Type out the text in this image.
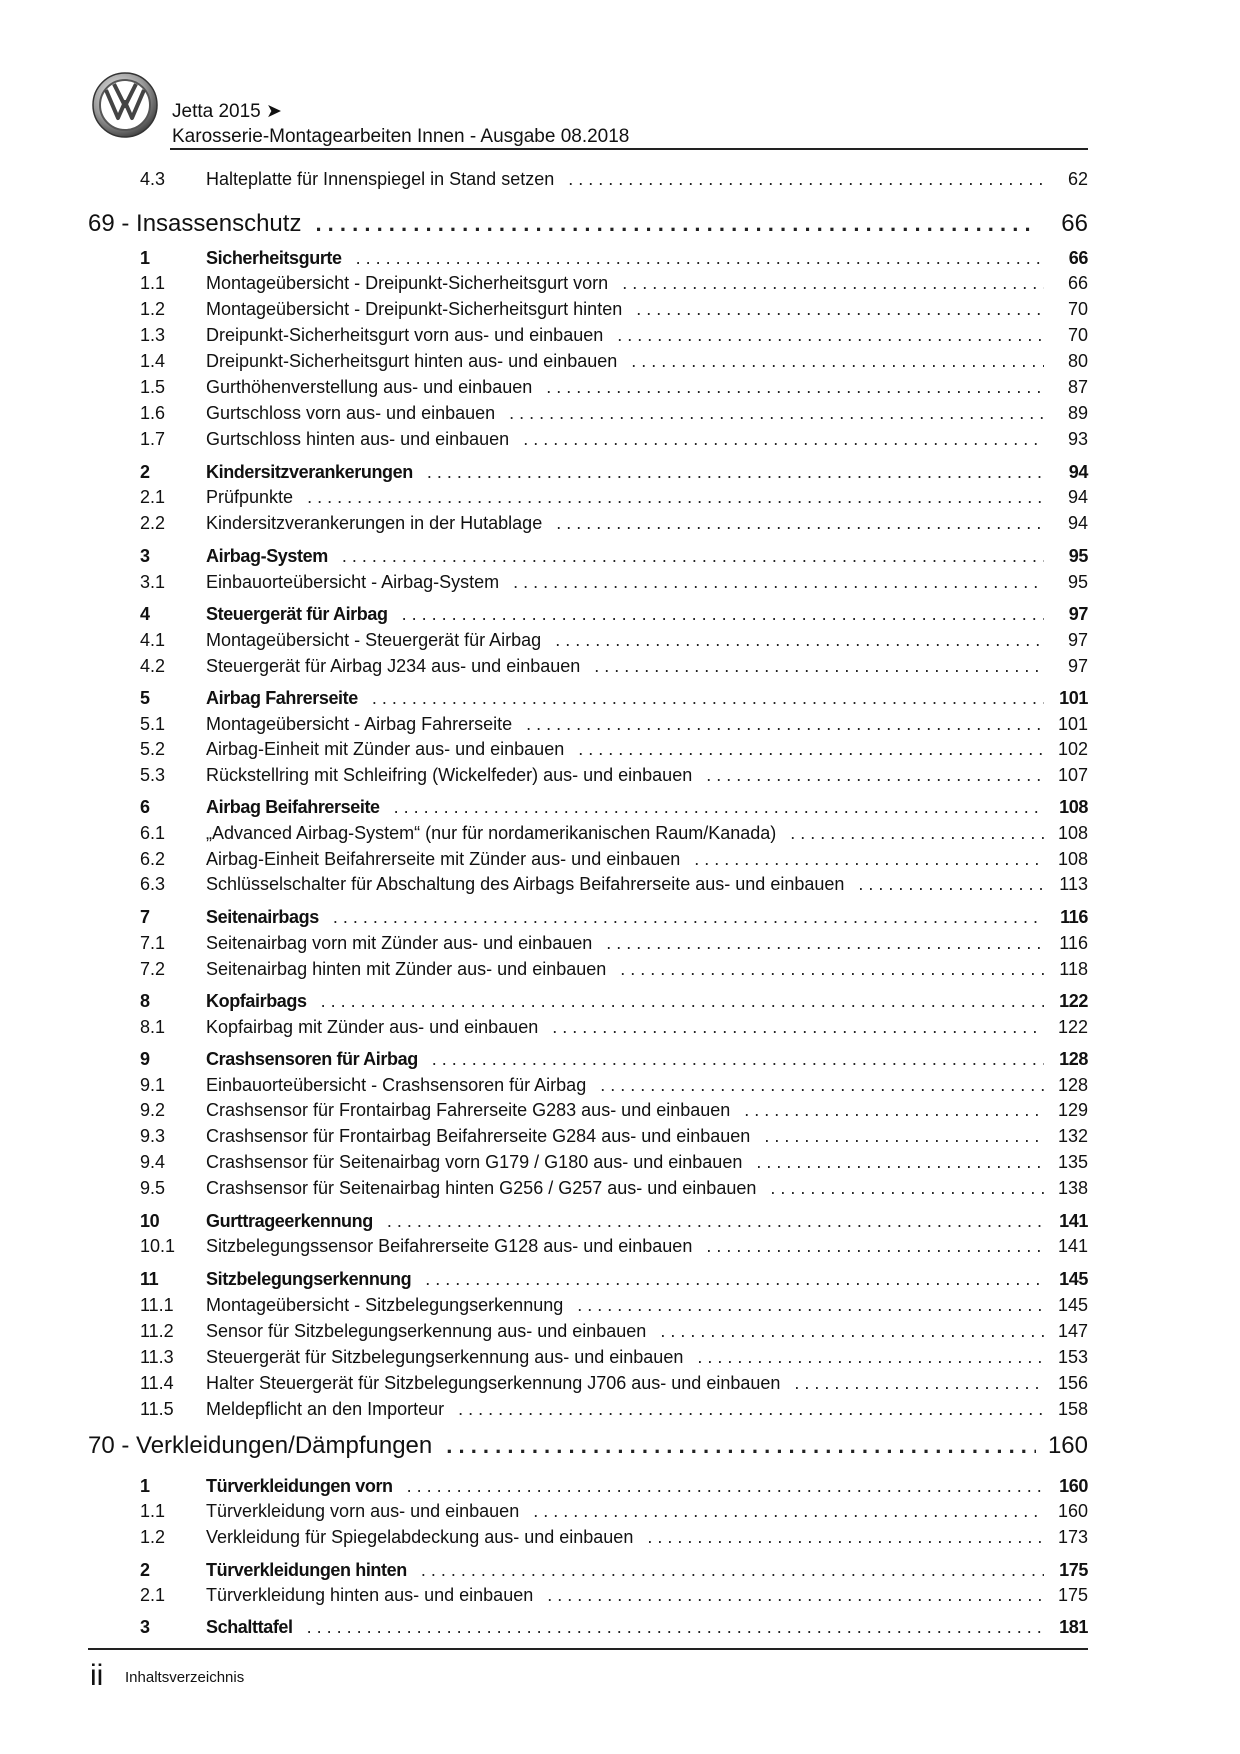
Jetta 2015 ➤
Karosserie-Montagearbeiten Innen - Ausgabe 08.2018
4.3	Halteplatte für Innenspiegel in Stand setzen . . .	62
69 - Insassenschutz . . .	66
1	Sicherheitsgurte . . .	66
1.1	Montageübersicht - Dreipunkt-Sicherheitsgurt vorn . . .	66
1.2	Montageübersicht - Dreipunkt-Sicherheitsgurt hinten . . .	70
1.3	Dreipunkt-Sicherheitsgurt vorn aus- und einbauen . . .	70
1.4	Dreipunkt-Sicherheitsgurt hinten aus- und einbauen . . .	80
1.5	Gurthöhenverstellung aus- und einbauen . . .	87
1.6	Gurtschloss vorn aus- und einbauen . . .	89
1.7	Gurtschloss hinten aus- und einbauen . . .	93
2	Kindersitzverankerungen . . .	94
2.1	Prüfpunkte . . .	94
2.2	Kindersitzverankerungen in der Hutablage . . .	94
3	Airbag-System . . .	95
3.1	Einbauorteübersicht - Airbag-System . . .	95
4	Steuergerät für Airbag . . .	97
4.1	Montageübersicht - Steuergerät für Airbag . . .	97
4.2	Steuergerät für Airbag J234 aus- und einbauen . . .	97
5	Airbag Fahrerseite . . .	101
5.1	Montageübersicht - Airbag Fahrerseite . . .	101
5.2	Airbag-Einheit mit Zünder aus- und einbauen . . .	102
5.3	Rückstellring mit Schleifring (Wickelfeder) aus- und einbauen . . .	107
6	Airbag Beifahrerseite . . .	108
6.1	„Advanced Airbag-System“ (nur für nordamerikanischen Raum/Kanada) . . .	108
6.2	Airbag-Einheit Beifahrerseite mit Zünder aus- und einbauen . . .	108
6.3	Schlüsselschalter für Abschaltung des Airbags Beifahrerseite aus- und einbauen . . .	113
7	Seitenairbags . . .	116
7.1	Seitenairbag vorn mit Zünder aus- und einbauen . . .	116
7.2	Seitenairbag hinten mit Zünder aus- und einbauen . . .	118
8	Kopfairbags . . .	122
8.1	Kopfairbag mit Zünder aus- und einbauen . . .	122
9	Crashsensoren für Airbag . . .	128
9.1	Einbauorteübersicht - Crashsensoren für Airbag . . .	128
9.2	Crashsensor für Frontairbag Fahrerseite G283 aus- und einbauen . . .	129
9.3	Crashsensor für Frontairbag Beifahrerseite G284 aus- und einbauen . . .	132
9.4	Crashsensor für Seitenairbag vorn G179 / G180 aus- und einbauen . . .	135
9.5	Crashsensor für Seitenairbag hinten G256 / G257 aus- und einbauen . . .	138
10	Gurttrageerkennung . . .	141
10.1	Sitzbelegungssensor Beifahrerseite G128 aus- und einbauen . . .	141
11	Sitzbelegungserkennung . . .	145
11.1	Montageübersicht - Sitzbelegungserkennung . . .	145
11.2	Sensor für Sitzbelegungserkennung aus- und einbauen . . .	147
11.3	Steuergerät für Sitzbelegungserkennung aus- und einbauen . . .	153
11.4	Halter Steuergerät für Sitzbelegungserkennung J706 aus- und einbauen . . .	156
11.5	Meldepflicht an den Importeur . . .	158
70 - Verkleidungen/Dämpfungen . . .	160
1	Türverkleidungen vorn . . .	160
1.1	Türverkleidung vorn aus- und einbauen . . .	160
1.2	Verkleidung für Spiegelabdeckung aus- und einbauen . . .	173
2	Türverkleidungen hinten . . .	175
2.1	Türverkleidung hinten aus- und einbauen . . .	175
3	Schalttafel . . .	181
ii Inhaltsverzeichnis
